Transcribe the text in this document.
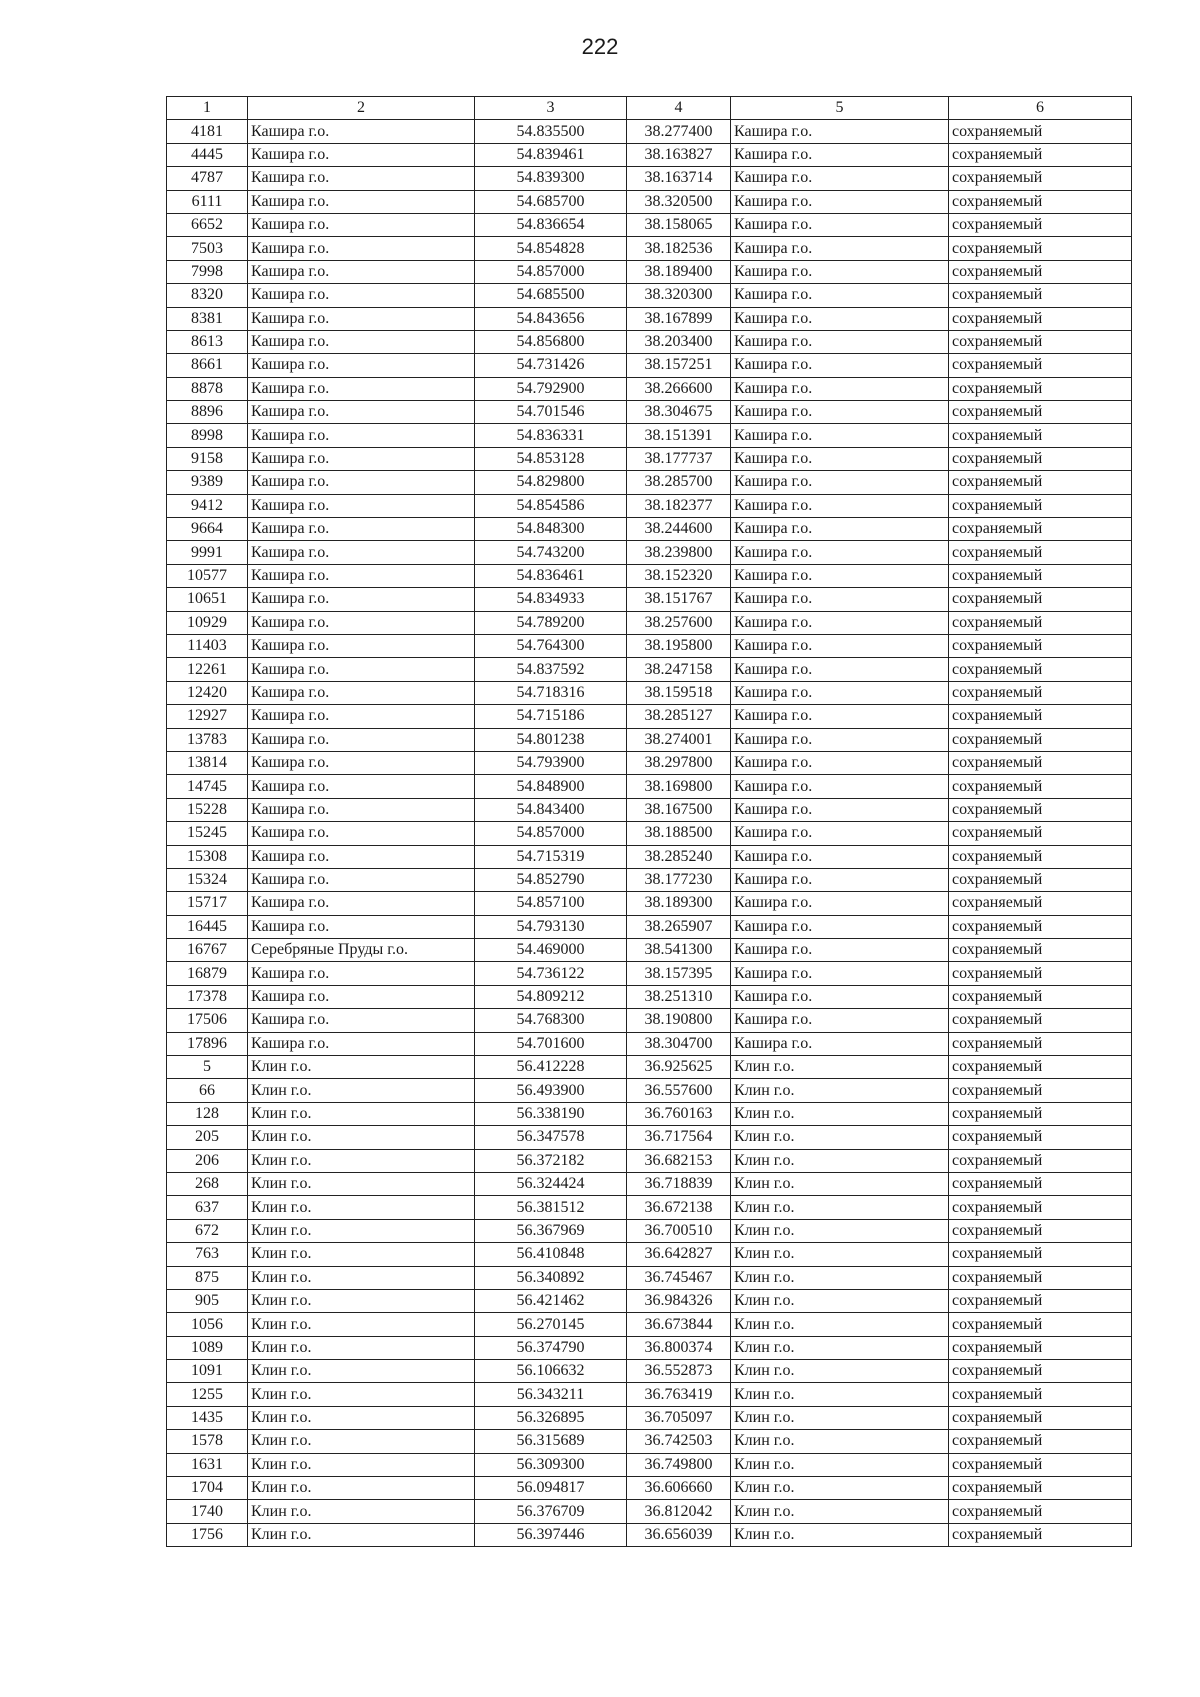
222
1	2	3	4	5	6
4181	Кашира г.о.	54.835500	38.277400	Кашира г.о.	сохраняемый
4445	Кашира г.о.	54.839461	38.163827	Кашира г.о.	сохраняемый
4787	Кашира г.о.	54.839300	38.163714	Кашира г.о.	сохраняемый
6111	Кашира г.о.	54.685700	38.320500	Кашира г.о.	сохраняемый
6652	Кашира г.о.	54.836654	38.158065	Кашира г.о.	сохраняемый
7503	Кашира г.о.	54.854828	38.182536	Кашира г.о.	сохраняемый
7998	Кашира г.о.	54.857000	38.189400	Кашира г.о.	сохраняемый
8320	Кашира г.о.	54.685500	38.320300	Кашира г.о.	сохраняемый
8381	Кашира г.о.	54.843656	38.167899	Кашира г.о.	сохраняемый
8613	Кашира г.о.	54.856800	38.203400	Кашира г.о.	сохраняемый
8661	Кашира г.о.	54.731426	38.157251	Кашира г.о.	сохраняемый
8878	Кашира г.о.	54.792900	38.266600	Кашира г.о.	сохраняемый
8896	Кашира г.о.	54.701546	38.304675	Кашира г.о.	сохраняемый
8998	Кашира г.о.	54.836331	38.151391	Кашира г.о.	сохраняемый
9158	Кашира г.о.	54.853128	38.177737	Кашира г.о.	сохраняемый
9389	Кашира г.о.	54.829800	38.285700	Кашира г.о.	сохраняемый
9412	Кашира г.о.	54.854586	38.182377	Кашира г.о.	сохраняемый
9664	Кашира г.о.	54.848300	38.244600	Кашира г.о.	сохраняемый
9991	Кашира г.о.	54.743200	38.239800	Кашира г.о.	сохраняемый
10577	Кашира г.о.	54.836461	38.152320	Кашира г.о.	сохраняемый
10651	Кашира г.о.	54.834933	38.151767	Кашира г.о.	сохраняемый
10929	Кашира г.о.	54.789200	38.257600	Кашира г.о.	сохраняемый
11403	Кашира г.о.	54.764300	38.195800	Кашира г.о.	сохраняемый
12261	Кашира г.о.	54.837592	38.247158	Кашира г.о.	сохраняемый
12420	Кашира г.о.	54.718316	38.159518	Кашира г.о.	сохраняемый
12927	Кашира г.о.	54.715186	38.285127	Кашира г.о.	сохраняемый
13783	Кашира г.о.	54.801238	38.274001	Кашира г.о.	сохраняемый
13814	Кашира г.о.	54.793900	38.297800	Кашира г.о.	сохраняемый
14745	Кашира г.о.	54.848900	38.169800	Кашира г.о.	сохраняемый
15228	Кашира г.о.	54.843400	38.167500	Кашира г.о.	сохраняемый
15245	Кашира г.о.	54.857000	38.188500	Кашира г.о.	сохраняемый
15308	Кашира г.о.	54.715319	38.285240	Кашира г.о.	сохраняемый
15324	Кашира г.о.	54.852790	38.177230	Кашира г.о.	сохраняемый
15717	Кашира г.о.	54.857100	38.189300	Кашира г.о.	сохраняемый
16445	Кашира г.о.	54.793130	38.265907	Кашира г.о.	сохраняемый
16767	Серебряные Пруды г.о.	54.469000	38.541300	Кашира г.о.	сохраняемый
16879	Кашира г.о.	54.736122	38.157395	Кашира г.о.	сохраняемый
17378	Кашира г.о.	54.809212	38.251310	Кашира г.о.	сохраняемый
17506	Кашира г.о.	54.768300	38.190800	Кашира г.о.	сохраняемый
17896	Кашира г.о.	54.701600	38.304700	Кашира г.о.	сохраняемый
5	Клин г.о.	56.412228	36.925625	Клин г.о.	сохраняемый
66	Клин г.о.	56.493900	36.557600	Клин г.о.	сохраняемый
128	Клин г.о.	56.338190	36.760163	Клин г.о.	сохраняемый
205	Клин г.о.	56.347578	36.717564	Клин г.о.	сохраняемый
206	Клин г.о.	56.372182	36.682153	Клин г.о.	сохраняемый
268	Клин г.о.	56.324424	36.718839	Клин г.о.	сохраняемый
637	Клин г.о.	56.381512	36.672138	Клин г.о.	сохраняемый
672	Клин г.о.	56.367969	36.700510	Клин г.о.	сохраняемый
763	Клин г.о.	56.410848	36.642827	Клин г.о.	сохраняемый
875	Клин г.о.	56.340892	36.745467	Клин г.о.	сохраняемый
905	Клин г.о.	56.421462	36.984326	Клин г.о.	сохраняемый
1056	Клин г.о.	56.270145	36.673844	Клин г.о.	сохраняемый
1089	Клин г.о.	56.374790	36.800374	Клин г.о.	сохраняемый
1091	Клин г.о.	56.106632	36.552873	Клин г.о.	сохраняемый
1255	Клин г.о.	56.343211	36.763419	Клин г.о.	сохраняемый
1435	Клин г.о.	56.326895	36.705097	Клин г.о.	сохраняемый
1578	Клин г.о.	56.315689	36.742503	Клин г.о.	сохраняемый
1631	Клин г.о.	56.309300	36.749800	Клин г.о.	сохраняемый
1704	Клин г.о.	56.094817	36.606660	Клин г.о.	сохраняемый
1740	Клин г.о.	56.376709	36.812042	Клин г.о.	сохраняемый
1756	Клин г.о.	56.397446	36.656039	Клин г.о.	сохраняемый
